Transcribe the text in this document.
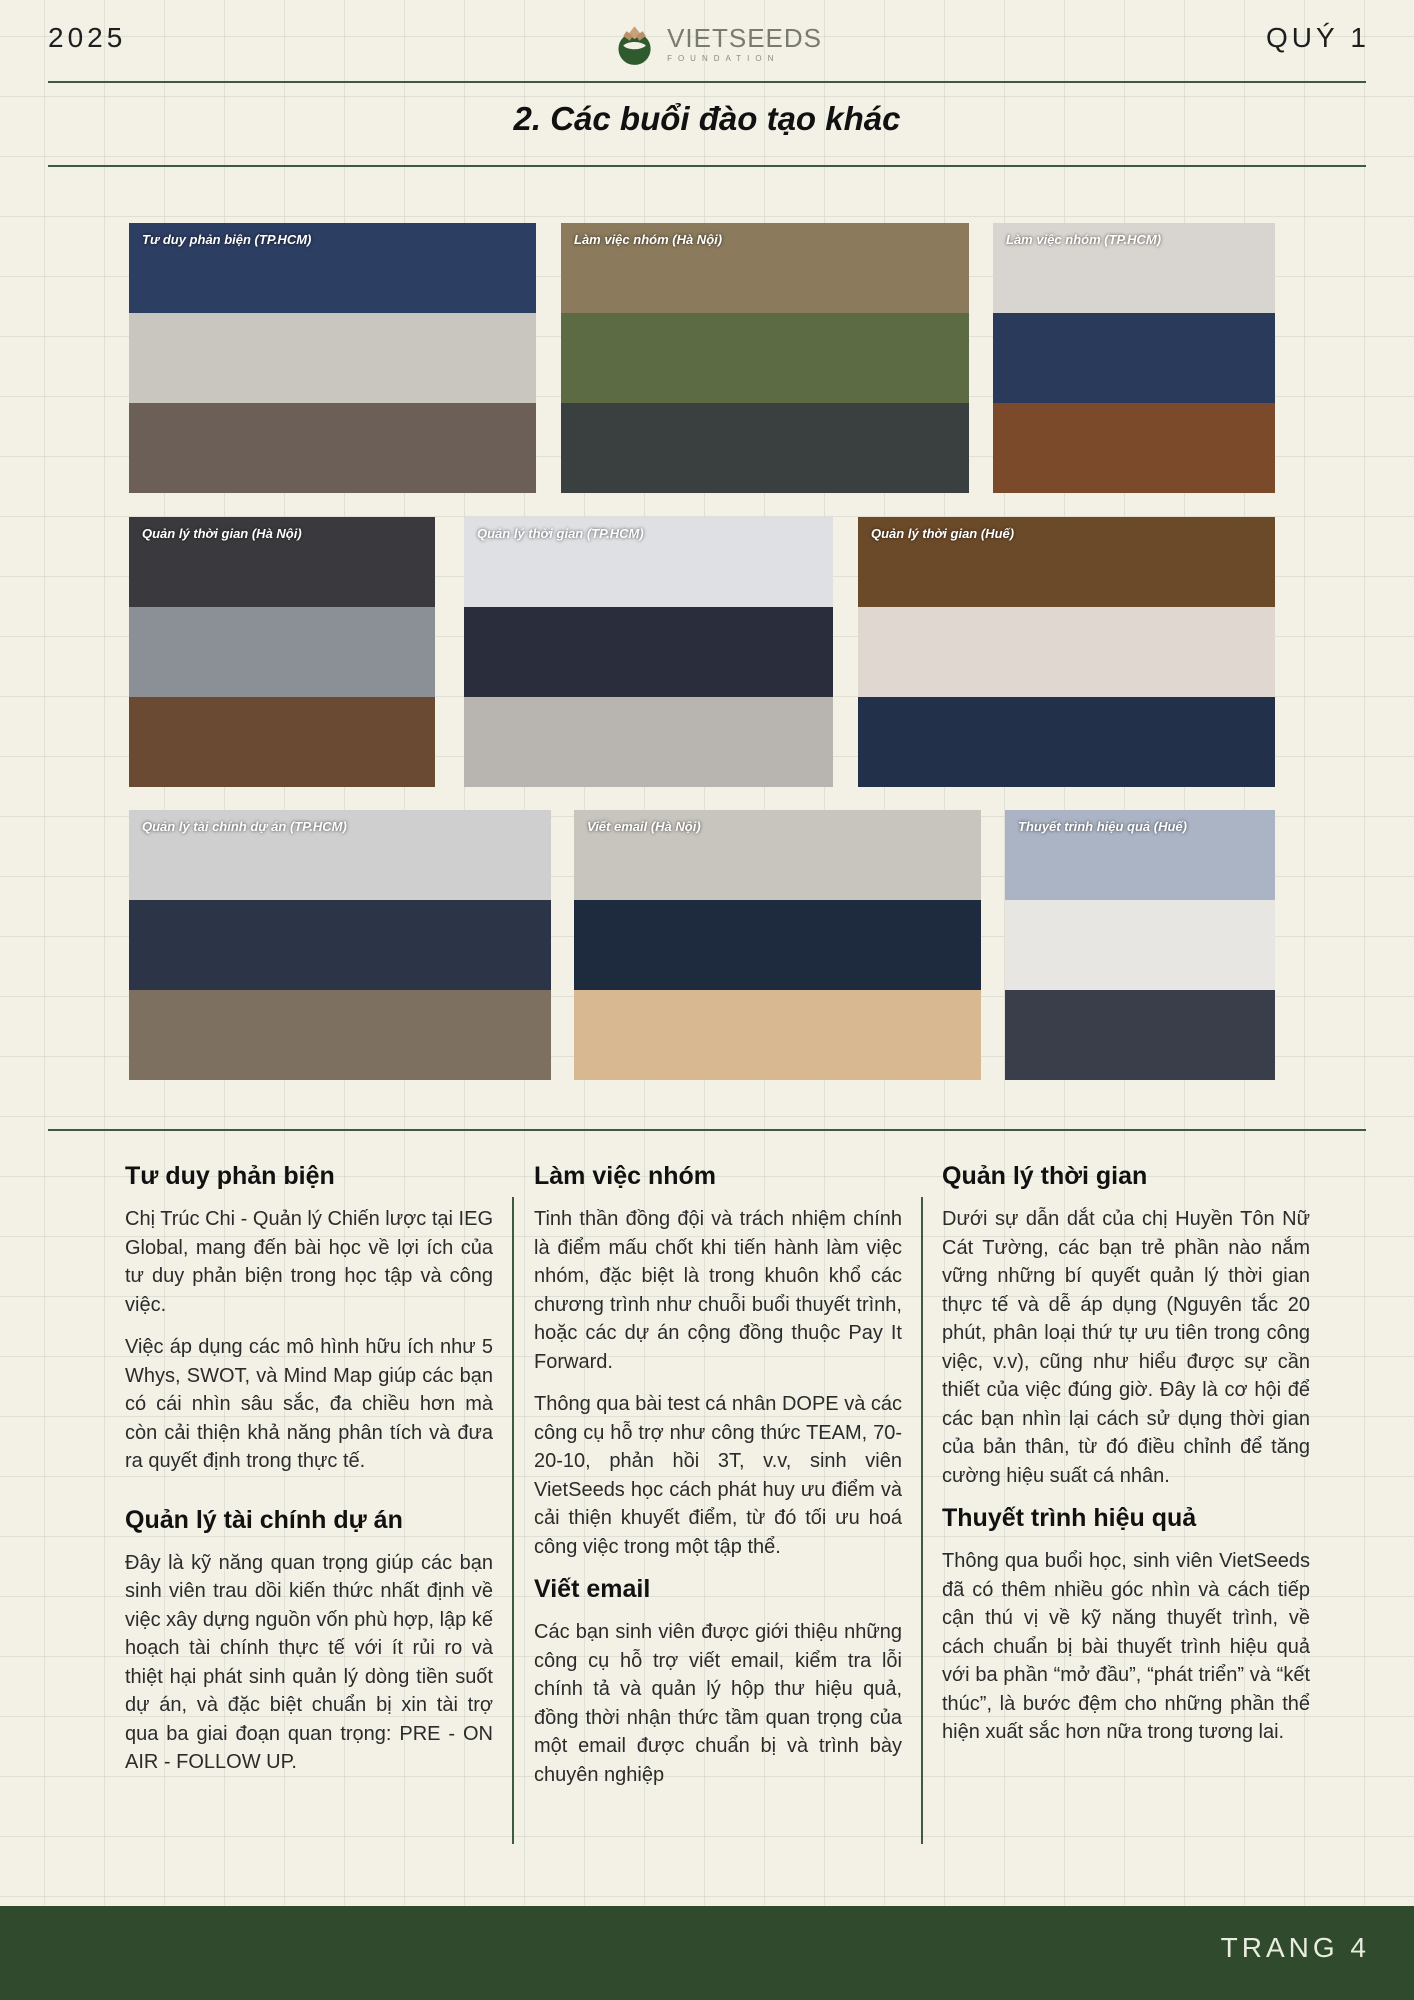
2025	VIETSEEDS
FOUNDATION
QUÝ 1
2. Các buổi đào tạo khác
Tư duy phản biện (TP.HCM)	Làm việc nhóm (Hà Nội)	Làm việc nhóm (TP.HCM)
Quản lý thời gian (Hà Nội)	Quản lý thời gian (TP.HCM)	Quản lý thời gian (Huế)
Quản lý tài chính dự án (TP.HCM)	Viết email (Hà Nội)	Thuyết trình hiệu quả (Huế)
Tư duy phản biện

Chị Trúc Chi - Quản lý Chiến lược tại IEG Global, mang đến bài học về lợi ích của tư duy phản biện trong học tập và công việc.

Việc áp dụng các mô hình hữu ích như 5 Whys, SWOT, và Mind Map giúp các bạn có cái nhìn sâu sắc, đa chiều hơn mà còn cải thiện khả năng phân tích và đưa ra quyết định trong thực tế.

Quản lý tài chính dự án

Đây là kỹ năng quan trọng giúp các bạn sinh viên trau dồi kiến thức nhất định về việc xây dựng nguồn vốn phù hợp, lập kế hoạch tài chính thực tế với ít rủi ro và thiệt hại phát sinh quản lý dòng tiền suốt dự án, và đặc biệt chuẩn bị xin tài trợ qua ba giai đoạn quan trọng: PRE - ON AIR - FOLLOW UP.

Làm việc nhóm

Tinh thần đồng đội và trách nhiệm chính là điểm mấu chốt khi tiến hành làm việc nhóm, đặc biệt là trong khuôn khổ các chương trình như chuỗi buổi thuyết trình, hoặc các dự án cộng đồng thuộc Pay It Forward.

Thông qua bài test cá nhân DOPE và các công cụ hỗ trợ như công thức TEAM, 70-20-10, phản hồi 3T, v.v, sinh viên VietSeeds học cách phát huy ưu điểm và cải thiện khuyết điểm, từ đó tối ưu hoá công việc trong một tập thể.

Viết email

Các bạn sinh viên được giới thiệu những công cụ hỗ trợ viết email, kiểm tra lỗi chính tả và quản lý hộp thư hiệu quả, đồng thời nhận thức tầm quan trọng của một email được chuẩn bị và trình bày chuyên nghiệp

Quản lý thời gian

Dưới sự dẫn dắt của chị Huyền Tôn Nữ Cát Tường, các bạn trẻ phần nào nắm vững những bí quyết quản lý thời gian thực tế và dễ áp dụng (Nguyên tắc 20 phút, phân loại thứ tự ưu tiên trong công việc, v.v), cũng như hiểu được sự cần thiết của việc đúng giờ. Đây là cơ hội để các bạn nhìn lại cách sử dụng thời gian của bản thân, từ đó điều chỉnh để tăng cường hiệu suất cá nhân.

Thuyết trình hiệu quả

Thông qua buổi học, sinh viên VietSeeds đã có thêm nhiều góc nhìn và cách tiếp cận thú vị về kỹ năng thuyết trình, về cách chuẩn bị bài thuyết trình hiệu quả với ba phần “mở đầu”, “phát triển” và “kết thúc”, là bước đệm cho những phần thể hiện xuất sắc hơn nữa trong tương lai.

TRANG 4
